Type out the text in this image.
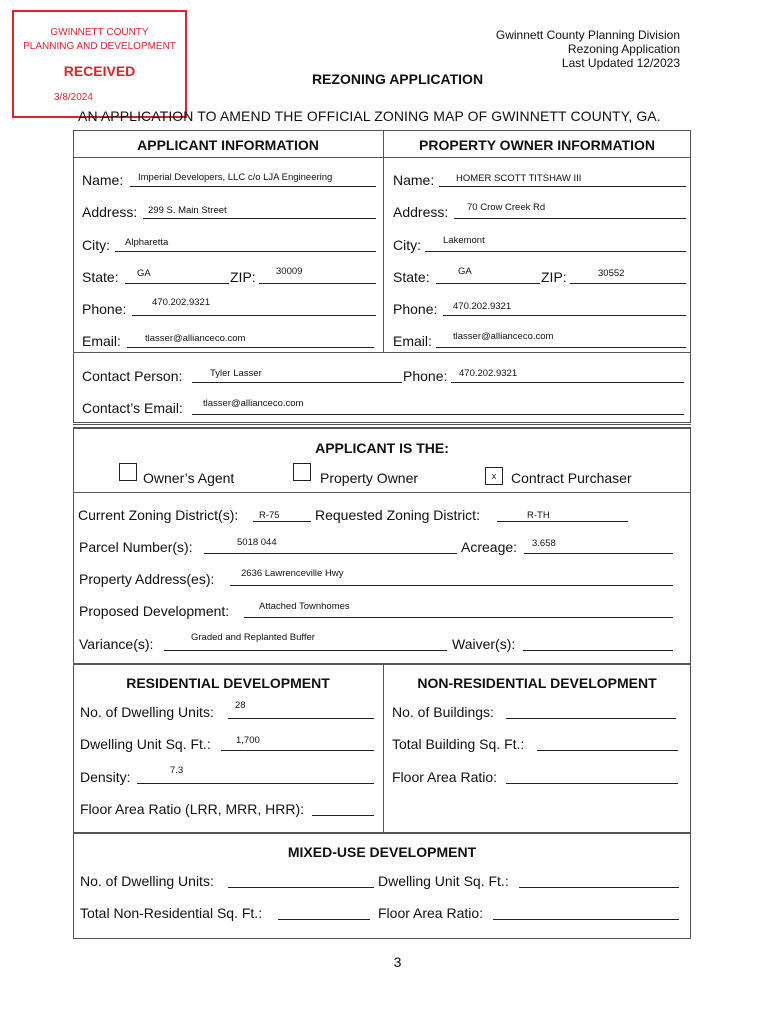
GWINNETT COUNTY
PLANNING AND DEVELOPMENT
RECEIVED
3/8/2024
Gwinnett County Planning Division
Rezoning Application
Last Updated 12/2023
REZONING APPLICATION
AN APPLICATION TO AMEND THE OFFICIAL ZONING MAP OF GWINNETT COUNTY, GA.
APPLICANT INFORMATION	PROPERTY OWNER INFORMATION
Name: Imperial Developers, LLC c/o LJA Engineering
Address: 299 S. Main Street
City: Alpharetta
State: GA	ZIP: 30009
Phone:	470.202.9321
Email:	tlasser@allianceco.com
Name: HOMER SCOTT TITSHAW III
Address: 70 Crow Creek Rd
City: Lakemont
State:	GA	ZIP:	30552
Phone: 470.202.9321
Email: tlasser@allianceco.com
Contact Person:	Tyler Lasser	Phone: 470.202.9321
Contact’s Email: tlasser@allianceco.com
APPLICANT IS THE:
Owner’s Agent	Property Owner	x	Contract Purchaser
Current Zoning District(s): R-75	Requested Zoning District:	R-TH
Parcel Number(s):	5018 044	Acreage: 3.658
Property Address(es):	2636 Lawrenceville Hwy
Proposed Development:	Attached Townhomes
Variance(s):	Graded and Replanted Buffer	Waiver(s):
RESIDENTIAL DEVELOPMENT	NON-RESIDENTIAL DEVELOPMENT
No. of Dwelling Units: 28
Dwelling Unit Sq. Ft.:	1,700
Density:	7.3
Floor Area Ratio (LRR, MRR, HRR):
No. of Buildings:
Total Building Sq. Ft.:
Floor Area Ratio:
MIXED-USE DEVELOPMENT
No. of Dwelling Units:	Dwelling Unit Sq. Ft.:
Total Non-Residential Sq. Ft.:	Floor Area Ratio:
3
